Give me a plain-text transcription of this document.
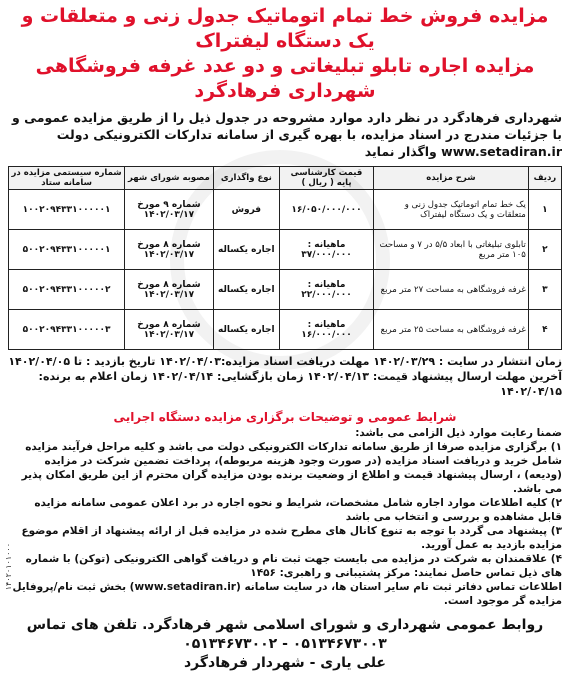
مزایده فروش خط تمام اتوماتیک جدول زنی و متعلقات و یک دستگاه لیفتراک

مزایده اجاره تابلو تبلیغاتی و دو عدد غرفه فروشگاهی

شهرداری فرهادگرد

شهرداری فرهادگرد در نظر دارد موارد مشروحه در جدول ذیل را از طریق مزایده عمومی و با جزئیات مندرج در اسناد مزایده، با بهره گیری از سامانه تدارکات الکترونیکی دولت www.setadiran.ir واگذار نماید

ردیف	شرح مزایده	قیمت کارشناسی پایه ( ریال )	نوع واگذاری	مصوبه شورای شهر	شماره سیستمی مزایده در سامانه ستاد
۱	یک خط تمام اتوماتیک جدول زنی و متعلقات و یک دستگاه لیفتراک	۱۶/۰۵۰/۰۰۰/۰۰۰	فروش	شماره ۹ مورخ ۱۴۰۲/۰۳/۱۷	۱۰۰۲۰۹۴۳۳۱۰۰۰۰۰۱
۲	تابلوی تبلیغاتی با ابعاد ۵/۵ در ۷ و مساحت ۱۰۵ متر مربع	ماهیانه : ۳۷/۰۰۰/۰۰۰	اجاره یکساله	شماره ۸ مورخ ۱۴۰۲/۰۳/۱۷	۵۰۰۲۰۹۴۳۳۱۰۰۰۰۰۱
۳	غرفه فروشگاهی به مساحت ۲۷ متر مربع	ماهیانه : ۲۲/۰۰۰/۰۰۰	اجاره یکساله	شماره ۸ مورخ ۱۴۰۲/۰۳/۱۷	۵۰۰۲۰۹۴۳۳۱۰۰۰۰۰۲
۴	غرفه فروشگاهی به مساحت ۲۵ متر مربع	ماهیانه : ۱۶/۰۰۰/۰۰۰	اجاره یکساله	شماره ۸ مورخ ۱۴۰۲/۰۳/۱۷	۵۰۰۲۰۹۴۳۳۱۰۰۰۰۰۳

زمان انتشار در سایت : ۱۴۰۲/۰۳/۲۹ مهلت دریافت اسناد مزایده:۱۴۰۲/۰۴/۰۳ تاریخ بازدید : تا ۱۴۰۲/۰۴/۰۵ آخرین مهلت ارسال پیشنهاد قیمت: ۱۴۰۲/۰۴/۱۳ زمان بازگشایی: ۱۴۰۲/۰۴/۱۴ زمان اعلام به برنده: ۱۴۰۲/۰۴/۱۵

شرایط عمومی و توضیحات برگزاری مزایده دستگاه اجرایی

ضمنا رعایت موارد ذیل الزامی می باشد:

۱) برگزاری مزایده صرفا از طریق سامانه تدارکات الکترونیکی دولت می باشد و کلیه مراحل فرآیند مزایده شامل خرید و دریافت اسناد مزایده (در صورت وجود هزینه مربوطه)، پرداخت تضمین شرکت در مزایده (ودیعه) ، ارسال پیشنهاد قیمت و اطلاع از وضعیت برنده بودن مزایده گران محترم از این طریق امکان پذیر می باشد.

۲) کلیه اطلاعات موارد اجاره شامل مشخصات، شرایط و نحوه اجاره در برد اعلان عمومی سامانه مزایده قابل مشاهده و بررسی و انتخاب می باشد

۳) پیشنهاد می گردد با توجه به تنوع کانال های مطرح شده در مزایده قبل از ارائه پیشنهاد از اقلام موضوع مزایده بازدید به عمل آورید.

۴) علاقمندان به شرکت در مزایده می بایست جهت ثبت نام و دریافت گواهی الکترونیکی (توکن) با شماره های ذیل تماس حاصل نمایند: مرکز پشتیبانی و راهبری: ۱۴۵۶

اطلاعات تماس دفاتر ثبت نام سایر استان ها، در سایت سامانه (www.setadiran.ir) بخش ثبت نام/پروفایل مزایده گر موجود است.

روابط عمومی شهرداری و شورای اسلامی شهر فرهادگرد. تلفن های تماس ۰۵۱۳۴۶۷۳۰۰۳ - ۰۵۱۳۴۶۷۳۰۰۲
علی یاری - شهردار فرهادگرد
۱۴۰۲۰۱۰۱۰۰۰
